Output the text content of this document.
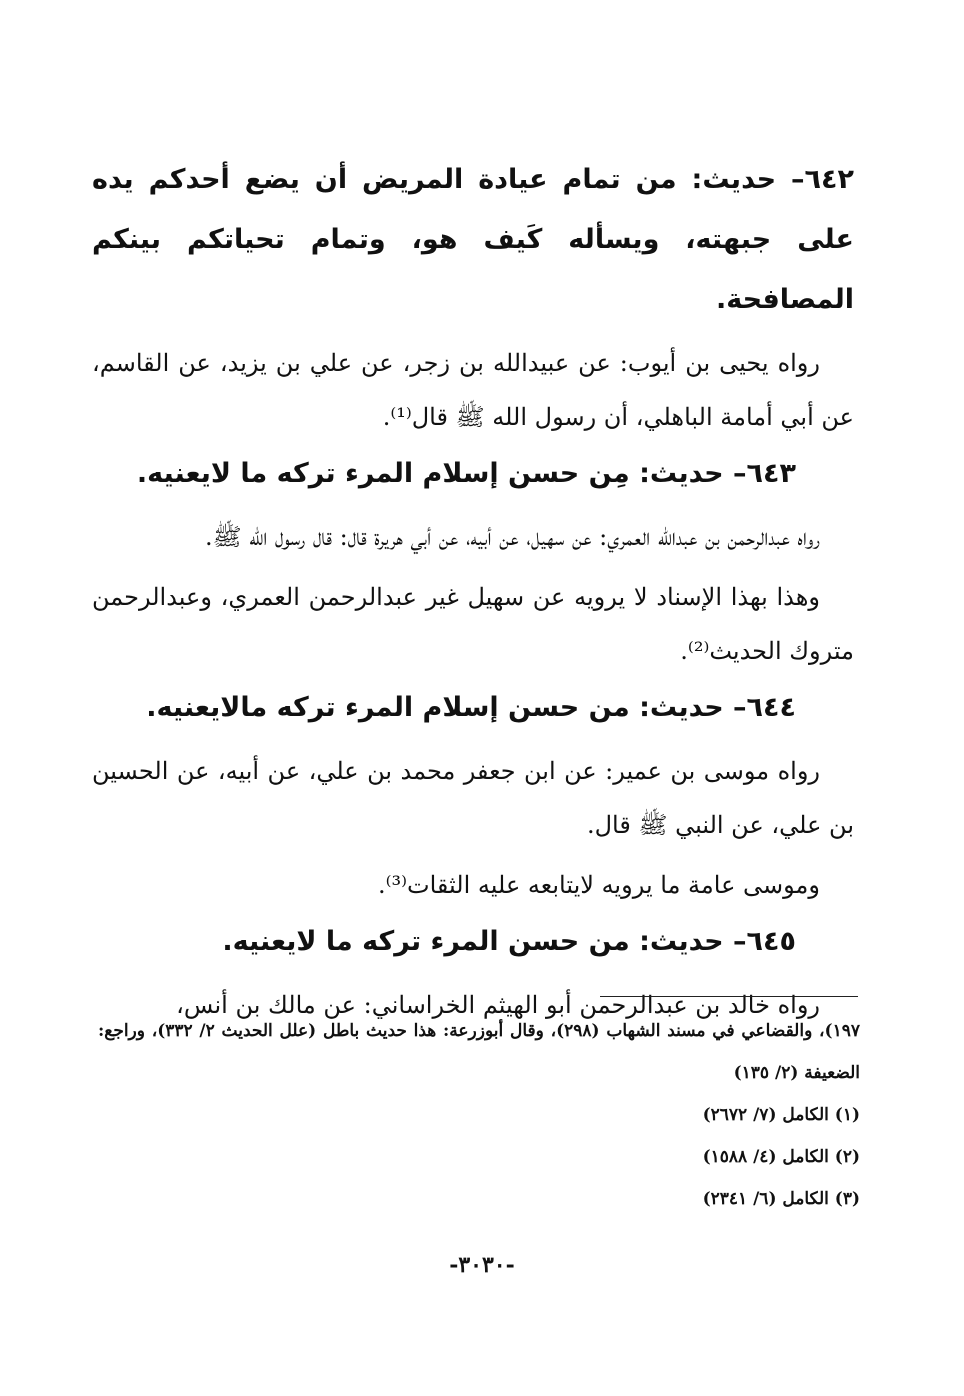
٦٤٢– حديث: من تمام عيادة المريض أن يضع أحدكم يده على جبهته، ويسأله كَيف هو، وتمام تحياتكم بينكم المصافحة.

رواه يحيى بن أيوب: عن عبيدالله بن زجر، عن علي بن يزيد، عن القاسم، عن أبي أمامة الباهلي، أن رسول الله ﷺ قال⁽¹⁾.

٦٤٣– حديث: مِن حسن إسلام المرء تركه ما لايعنيه.

رواه عبدالرحمن بن عبدالله العمري: عن سهيل، عن أبيه، عن أبي هريرة قال: قال رسول الله ﷺ.

وهذا بهذا الإسناد لا يرويه عن سهيل غير عبدالرحمن العمري، وعبدالرحمن متروك الحديث⁽²⁾.

٦٤٤– حديث: من حسن إسلام المرء تركه مالايعنيه.

رواه موسى بن عمير: عن ابن جعفر محمد بن علي، عن أبيه، عن الحسين بن علي، عن النبي ﷺ قال.

وموسى عامة ما يرويه لايتابعه عليه الثقات⁽³⁾.

٦٤٥– حديث: من حسن المرء تركه ما لايعنيه.

رواه خالد بن عبدالرحمن أبو الهيثم الخراساني: عن مالك بن أنس،

١٩٧)، والقضاعي في مسند الشهاب (٢٩٨)، وقال أبوزرعة: هذا حديث باطل (علل الحديث ٢/ ٣٣٢)، وراجع: الضعيفة (٢/ ١٣٥)

(١) الكامل (٧/ ٢٦٧٢)

(٢) الكامل (٤/ ١٥٨٨)

(٣) الكامل (٦/ ٢٣٤١)

-٣٠٣٠-
